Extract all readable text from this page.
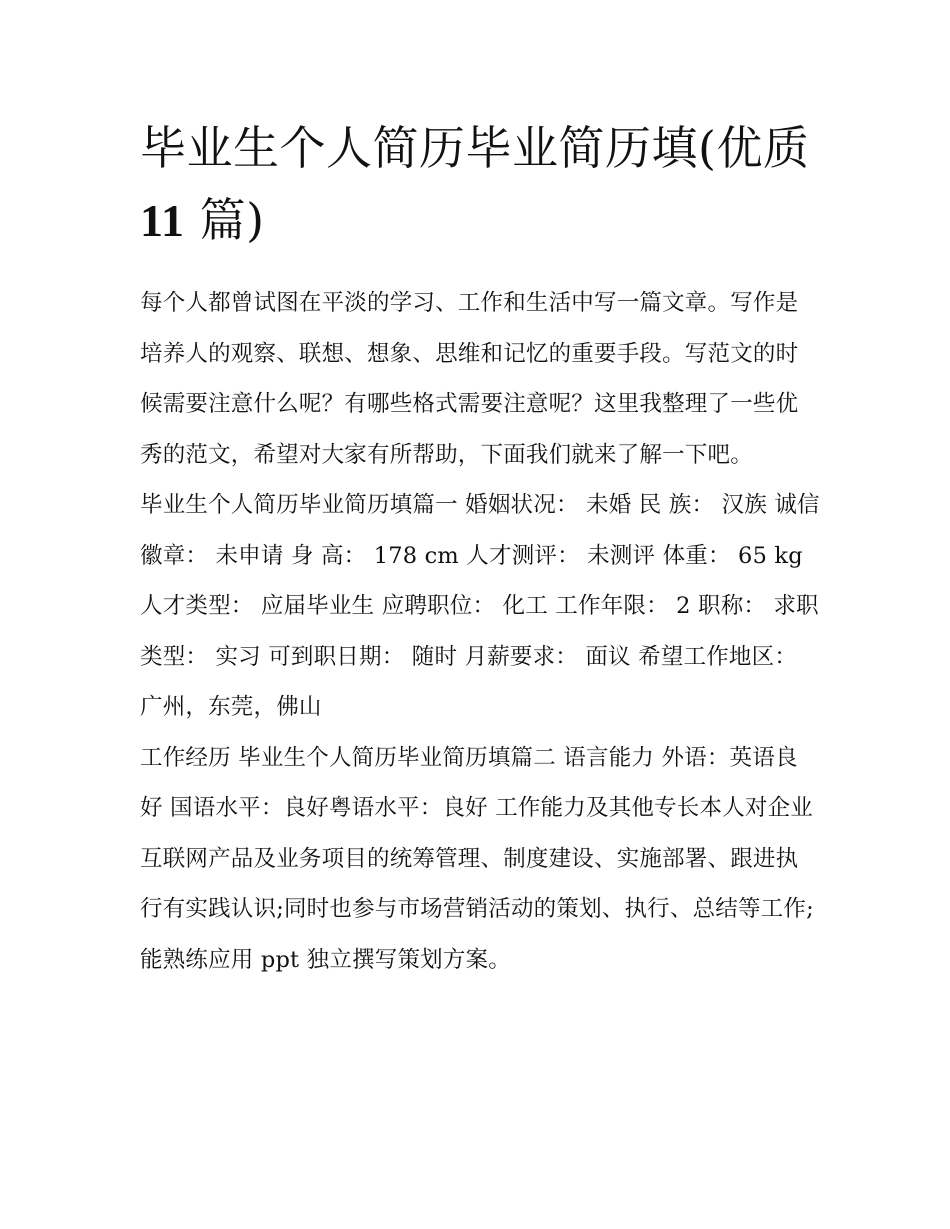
毕业生个人简历毕业简历填(优质
11 篇)

每个人都曾试图在平淡的学习、工作和生活中写一篇文章。写作是培养人的观察、联想、想象、思维和记忆的重要手段。写范文的时候需要注意什么呢？有哪些格式需要注意呢？这里我整理了一些优秀的范文，希望对大家有所帮助，下面我们就来了解一下吧。

毕业生个人简历毕业简历填篇一 婚姻状况： 未婚 民 族： 汉族 诚信徽章： 未申请 身 高： 178 cm 人才测评： 未测评 体重： 65 kg

人才类型： 应届毕业生 应聘职位： 化工 工作年限： 2 职称： 求职类型： 实习 可到职日期： 随时 月薪要求： 面议 希望工作地区： 广州，东莞，佛山

工作经历 毕业生个人简历毕业简历填篇二 语言能力 外语：英语良好 国语水平：良好粤语水平：良好 工作能力及其他专长本人对企业互联网产品及业务项目的统筹管理、制度建设、实施部署、跟进执行有实践认识;同时也参与市场营销活动的策划、执行、总结等工作;能熟练应用 ppt 独立撰写策划方案。
